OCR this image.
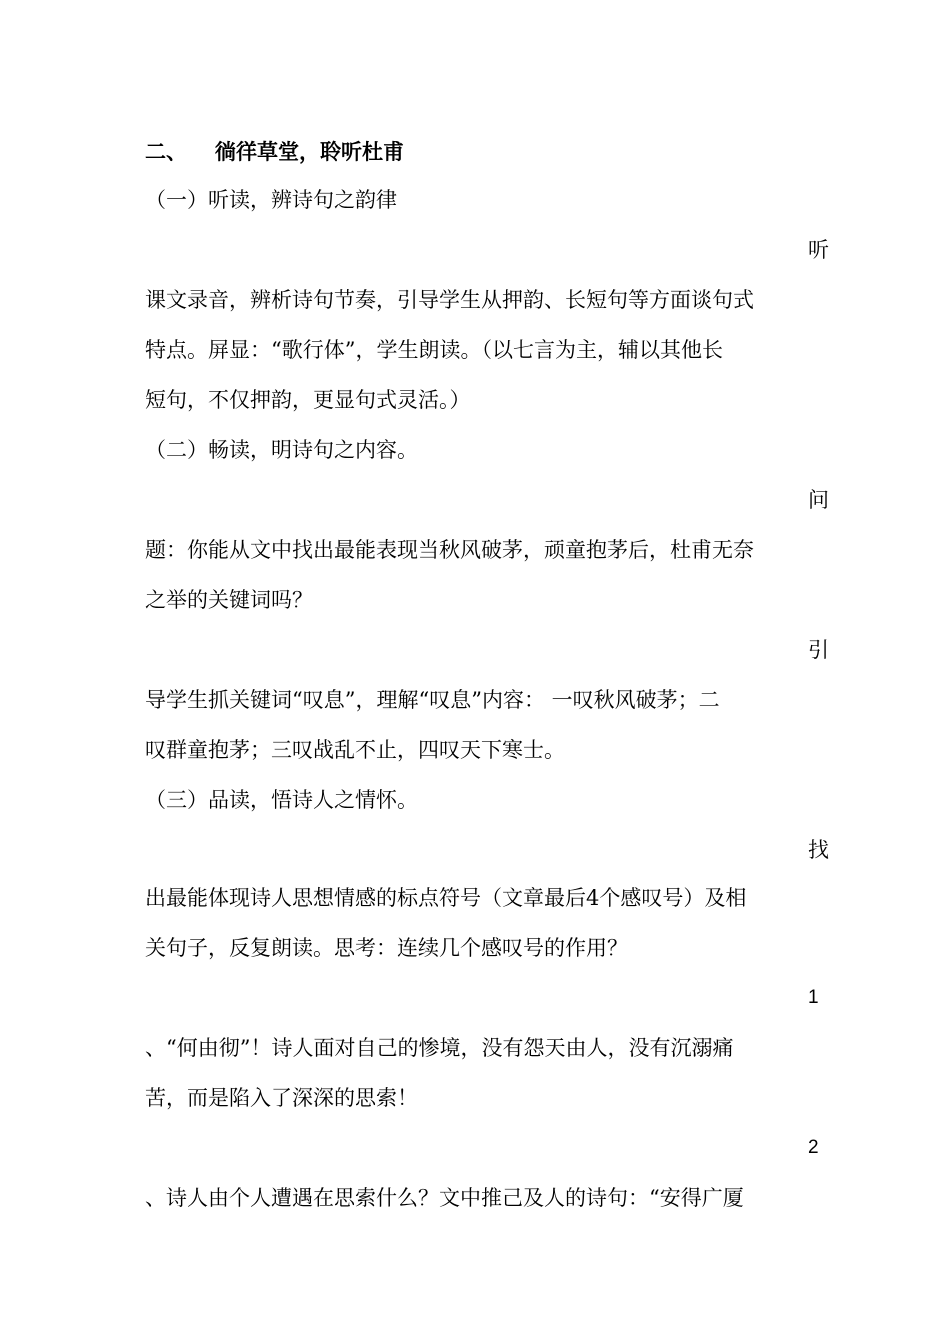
二、 徜徉草堂，聆听杜甫
（一）听读，辨诗句之韵律
听
课文录音，辨析诗句节奏，引导学生从押韵、长短句等方面谈句式
特点。屏显：“歌行体”，学生朗读。（以七言为主，辅以其他长
短句，不仅押韵，更显句式灵活。）
（二）畅读，明诗句之内容。
问
题：你能从文中找出最能表现当秋风破茅，顽童抱茅后，杜甫无奈
之举的关键词吗？
引
导学生抓关键词“叹息”，理解“叹息”内容： 一叹秋风破茅；二
叹群童抱茅；三叹战乱不止，四叹天下寒士。
（三）品读，悟诗人之情怀。
找
出最能体现诗人思想情感的标点符号（文章最后4个感叹号）及相
关句子，反复朗读。思考：连续几个感叹号的作用？
1
、“何由彻”！诗人面对自己的惨境，没有怨天由人，没有沉溺痛
苦，而是陷入了深深的思索！
2
、诗人由个人遭遇在思索什么？文中推己及人的诗句：“安得广厦
